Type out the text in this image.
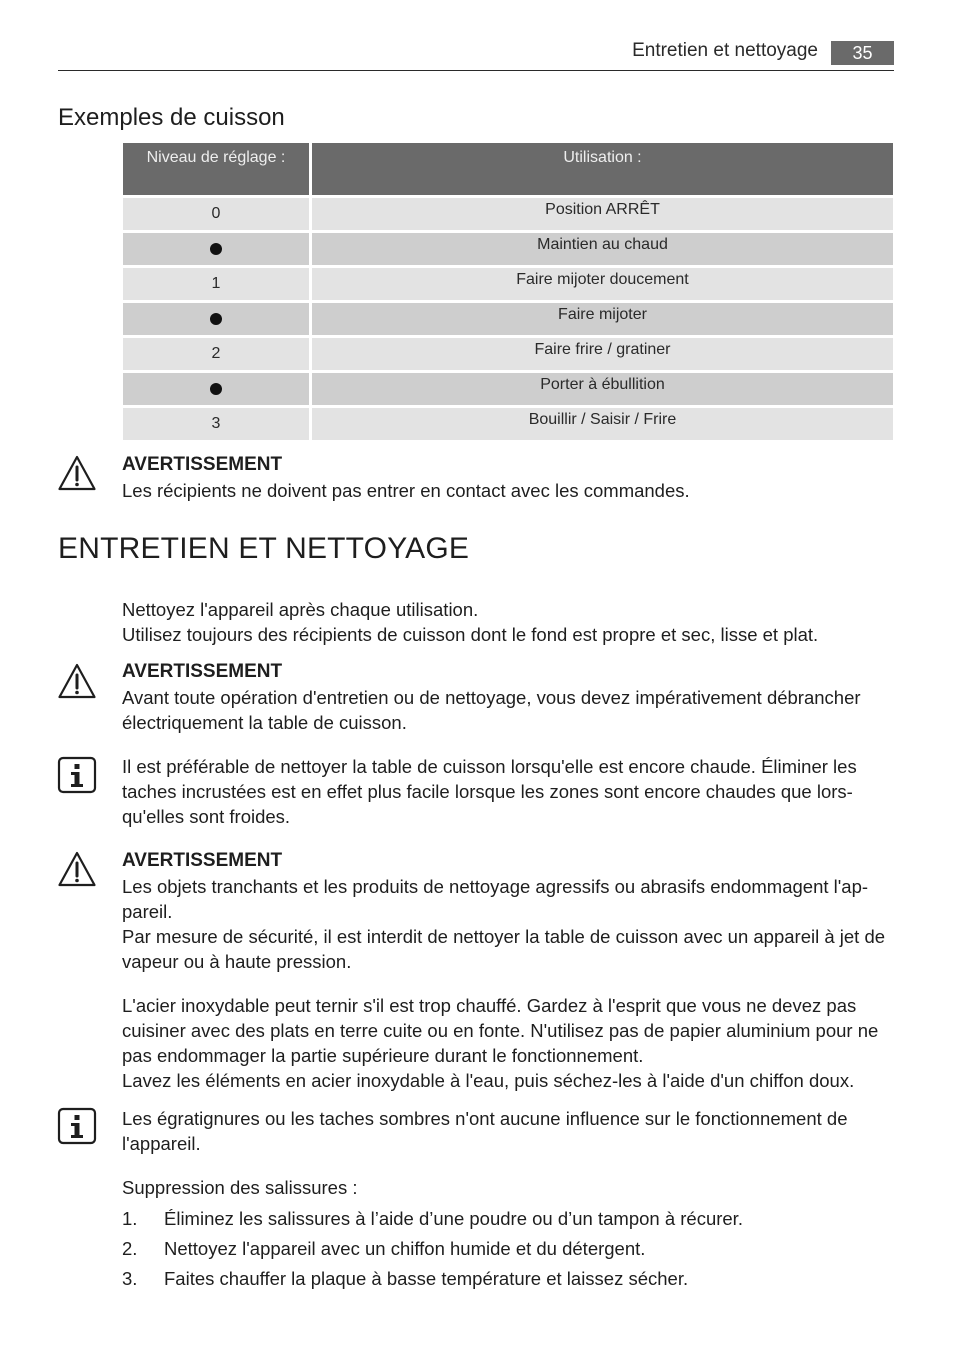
Entretien et nettoyage	35
Exemples de cuisson
Niveau de réglage :	Utilisation :
0	Position ARRÊT
	Maintien au chaud
1	Faire mijoter doucement
	Faire mijoter
2	Faire frire / gratiner
	Porter à ébullition
3	Bouillir / Saisir / Frire
AVERTISSEMENT

Les récipients ne doivent pas entrer en contact avec les commandes.

ENTRETIEN ET NETTOYAGE

Nettoyez l'appareil après chaque utilisation.

Utilisez toujours des récipients de cuisson dont le fond est propre et sec, lisse et plat.

AVERTISSEMENT

Avant toute opération d'entretien ou de nettoyage, vous devez impérativement débrancher électriquement la table de cuisson.

Il est préférable de nettoyer la table de cuisson lorsqu'elle est encore chaude. Éliminer les taches incrustées est en effet plus facile lorsque les zones sont encore chaudes que lors-qu'elles sont froides.

AVERTISSEMENT

Les objets tranchants et les produits de nettoyage agressifs ou abrasifs endommagent l'ap-pareil.

Par mesure de sécurité, il est interdit de nettoyer la table de cuisson avec un appareil à jet de vapeur ou à haute pression.

L'acier inoxydable peut ternir s'il est trop chauffé. Gardez à l'esprit que vous ne devez pas cuisiner avec des plats en terre cuite ou en fonte. N'utilisez pas de papier aluminium pour ne pas endommager la partie supérieure durant le fonctionnement.

Lavez les éléments en acier inoxydable à l'eau, puis séchez-les à l'aide d'un chiffon doux.

Les égratignures ou les taches sombres n'ont aucune influence sur le fonctionnement de l'appareil.

Suppression des salissures :
1. Éliminez les salissures à l’aide d’une poudre ou d’un tampon à récurer.
2. Nettoyez l'appareil avec un chiffon humide et du détergent.
3. Faites chauffer la plaque à basse température et laissez sécher.
